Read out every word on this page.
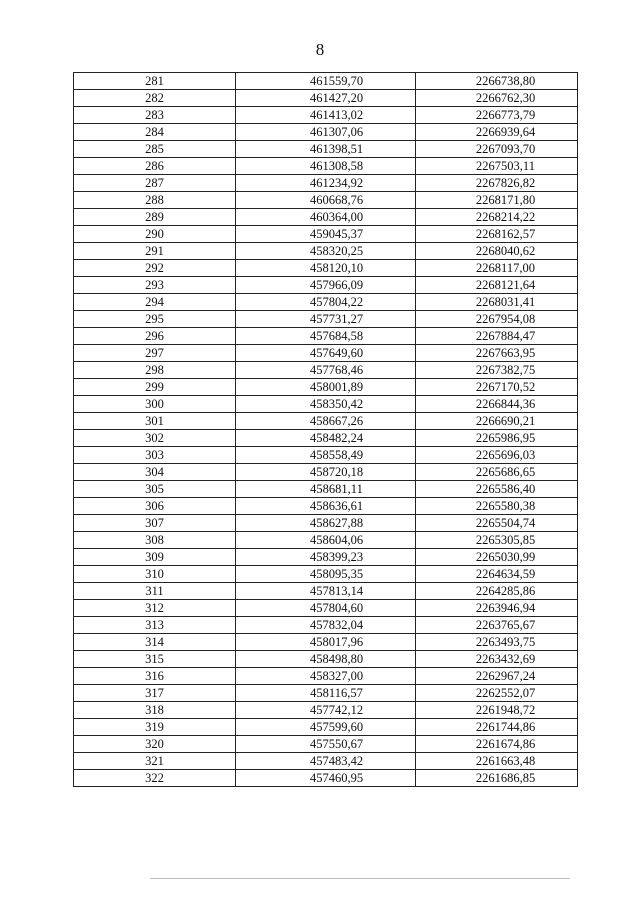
8
281	461559,70	2266738,80
282	461427,20	2266762,30
283	461413,02	2266773,79
284	461307,06	2266939,64
285	461398,51	2267093,70
286	461308,58	2267503,11
287	461234,92	2267826,82
288	460668,76	2268171,80
289	460364,00	2268214,22
290	459045,37	2268162,57
291	458320,25	2268040,62
292	458120,10	2268117,00
293	457966,09	2268121,64
294	457804,22	2268031,41
295	457731,27	2267954,08
296	457684,58	2267884,47
297	457649,60	2267663,95
298	457768,46	2267382,75
299	458001,89	2267170,52
300	458350,42	2266844,36
301	458667,26	2266690,21
302	458482,24	2265986,95
303	458558,49	2265696,03
304	458720,18	2265686,65
305	458681,11	2265586,40
306	458636,61	2265580,38
307	458627,88	2265504,74
308	458604,06	2265305,85
309	458399,23	2265030,99
310	458095,35	2264634,59
311	457813,14	2264285,86
312	457804,60	2263946,94
313	457832,04	2263765,67
314	458017,96	2263493,75
315	458498,80	2263432,69
316	458327,00	2262967,24
317	458116,57	2262552,07
318	457742,12	2261948,72
319	457599,60	2261744,86
320	457550,67	2261674,86
321	457483,42	2261663,48
322	457460,95	2261686,85
